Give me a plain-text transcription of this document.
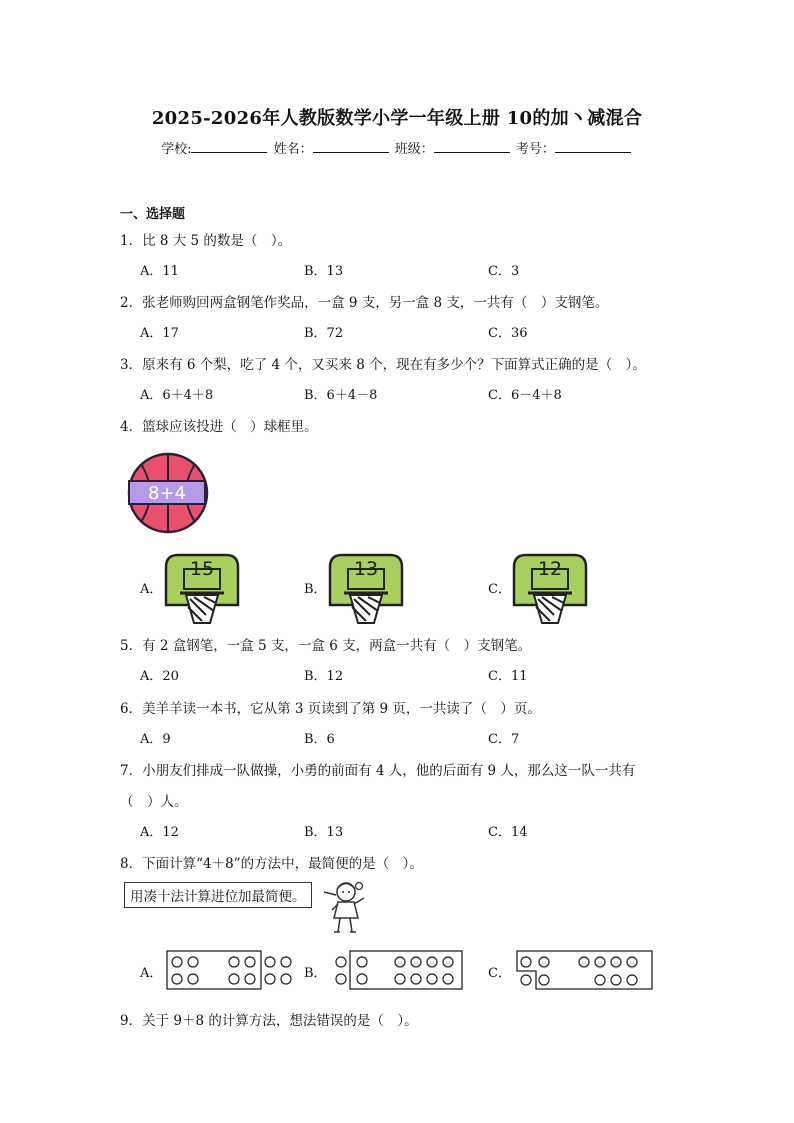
2025-2026年人教版数学小学一年级上册 10的加丶减混合
学校:	姓名：	班级：	考号：
一、选择题
1．比 8 大 5 的数是（　）。
A．11	B．13	C．3
2．张老师购回两盒钢笔作奖品，一盒 9 支，另一盒 8 支，一共有（　）支钢笔。
A．17	B．72	C．36
3．原来有 6 个梨，吃了 4 个，又买来 8 个，现在有多少个？下面算式正确的是（　）。
A．6＋4＋8	B．6＋4－8	C．6－4＋8
4．篮球应该投进（　）球框里。
8+4
A．	B．	C．
15	13	12
5．有 2 盒钢笔，一盒 5 支，一盒 6 支，两盒一共有（　）支钢笔。
A．20	B．12	C．11
6．美羊羊读一本书，它从第 3 页读到了第 9 页，一共读了（　）页。
A．9	B．6	C．7
7．小朋友们排成一队做操，小勇的前面有 4 人，他的后面有 9 人，那么这一队一共有
（　）人。
A．12	B．13	C．14
8．下面计算“4＋8”的方法中，最简便的是（　）。
用凑十法计算进位加最简便。
A．	B．	C．
9．关于 9＋8 的计算方法，想法错误的是（　）。
